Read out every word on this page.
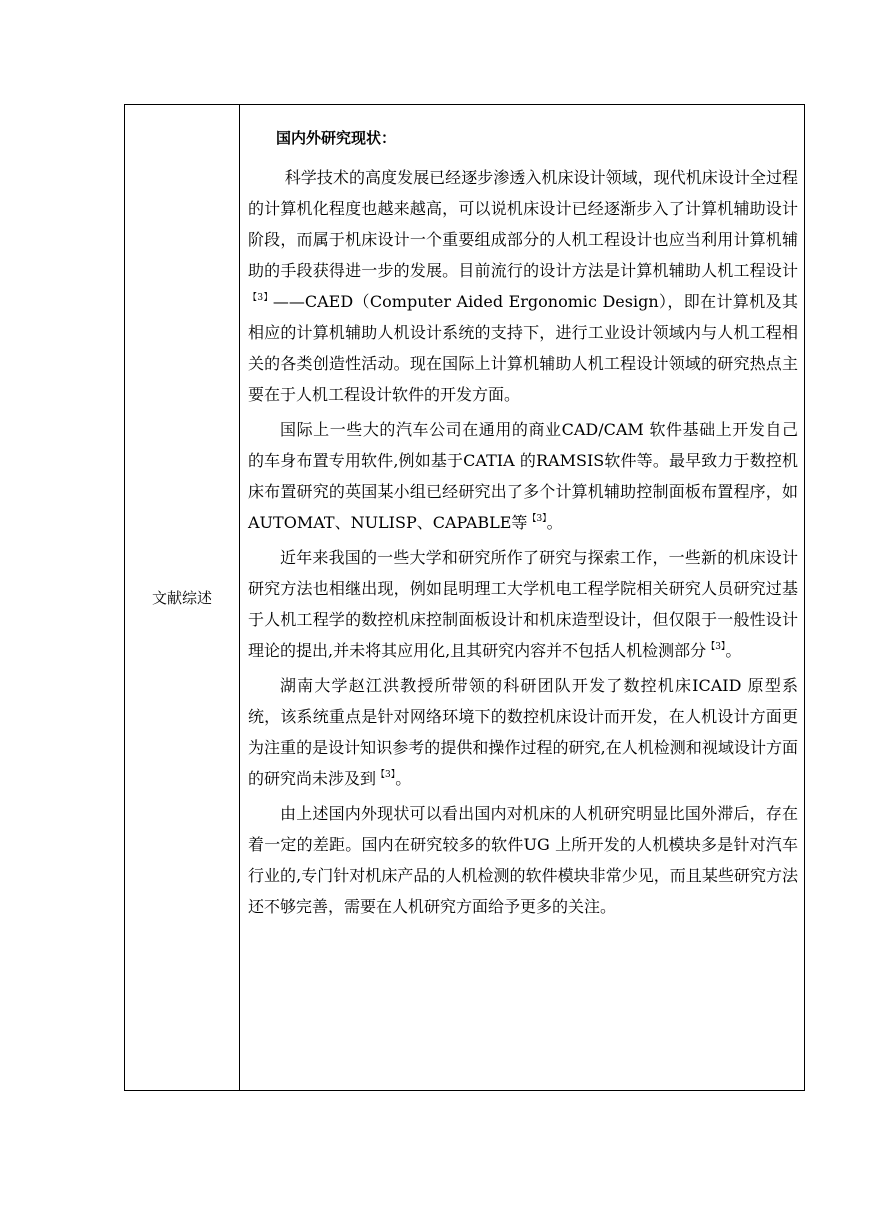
文献综述	
国内外研究现状：

科学技术的高度发展已经逐步渗透入机床设计领域，现代机床设计全过程的计算机化程度也越来越高，可以说机床设计已经逐渐步入了计算机辅助设计阶段，而属于机床设计一个重要组成部分的人机工程设计也应当利用计算机辅助的手段获得进一步的发展。目前流行的设计方法是计算机辅助人机工程设计$^{【3】}$——CAED（Computer Aided Ergonomic Design），即在计算机及其相应的计算机辅助人机设计系统的支持下，进行工业设计领域内与人机工程相关的各类创造性活动。现在国际上计算机辅助人机工程设计领域的研究热点主要在于人机工程设计软件的开发方面。

国际上一些大的汽车公司在通用的商业CAD/CAM 软件基础上开发自己的车身布置专用软件,例如基于CATIA 的RAMSIS软件等。最早致力于数控机床布置研究的英国某小组已经研究出了多个计算机辅助控制面板布置程序，如AUTOMAT、NULISP、CAPABLE等$^{【3】}$。

近年来我国的一些大学和研究所作了研究与探索工作，一些新的机床设计研究方法也相继出现，例如昆明理工大学机电工程学院相关研究人员研究过基于人机工程学的数控机床控制面板设计和机床造型设计，但仅限于一般性设计理论的提出,并未将其应用化,且其研究内容并不包括人机检测部分$^{【3】}$。

湖南大学赵江洪教授所带领的科研团队开发了数控机床ICAID 原型系统，该系统重点是针对网络环境下的数控机床设计而开发，在人机设计方面更为注重的是设计知识参考的提供和操作过程的研究,在人机检测和视域设计方面的研究尚未涉及到$^{【3】}$。

由上述国内外现状可以看出国内对机床的人机研究明显比国外滞后，存在着一定的差距。国内在研究较多的软件UG 上所开发的人机模块多是针对汽车行业的,专门针对机床产品的人机检测的软件模块非常少见，而且某些研究方法还不够完善，需要在人机研究方面给予更多的关注。
